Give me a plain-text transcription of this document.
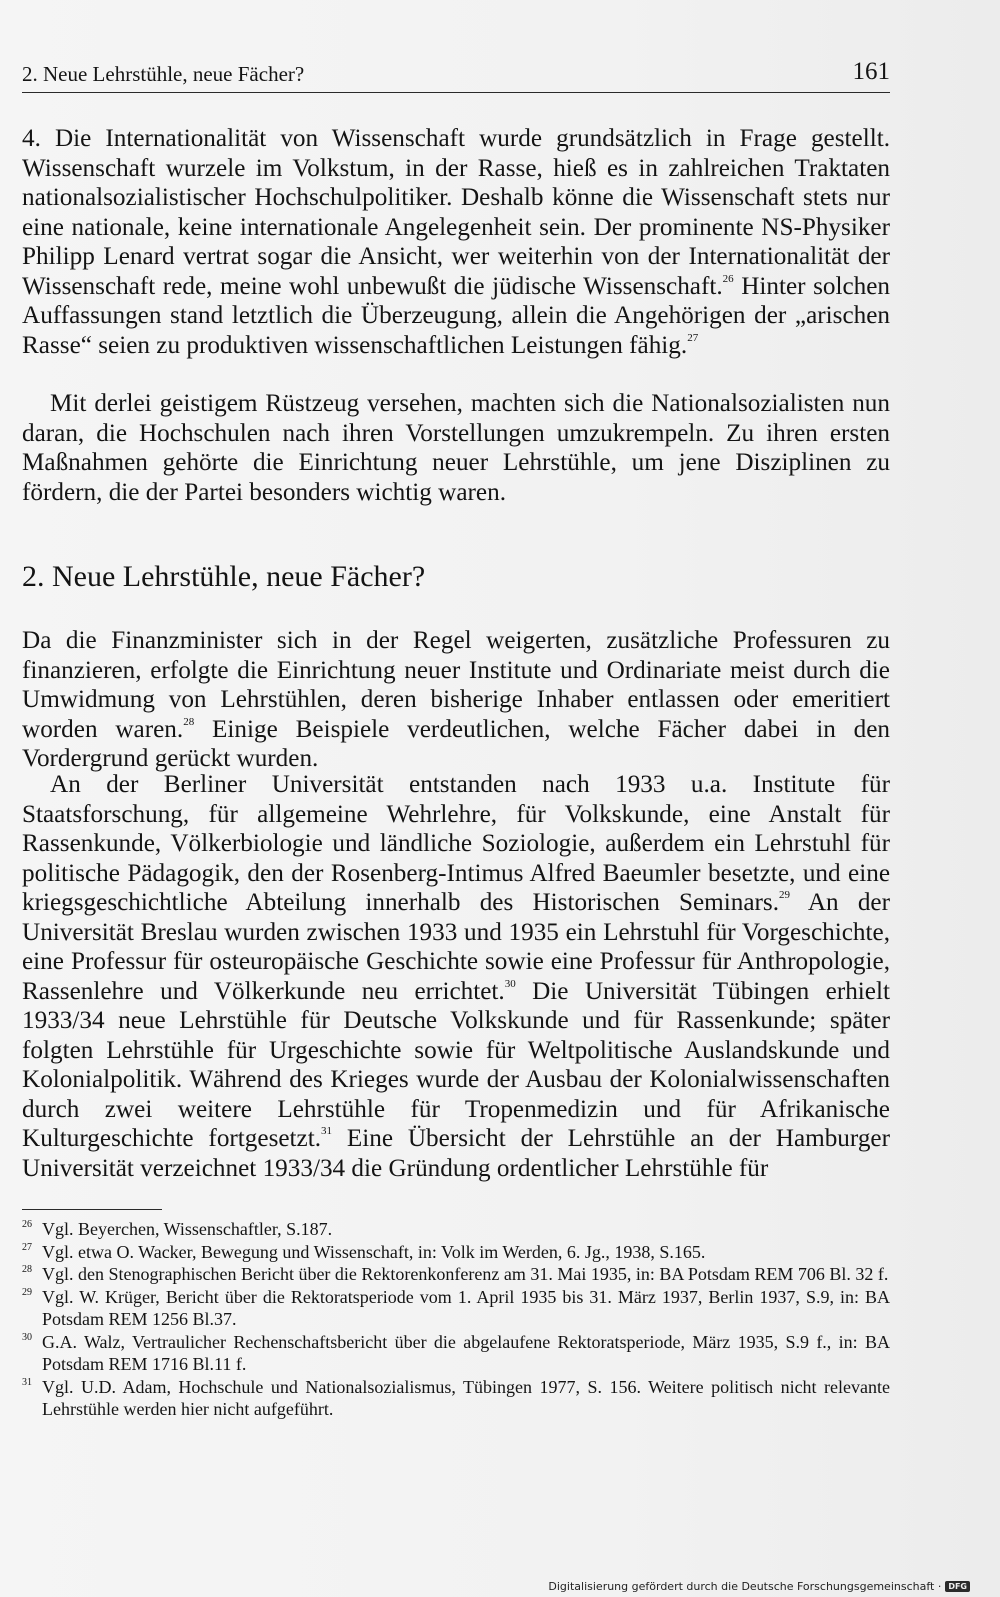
2. Neue Lehrstühle, neue Fächer?	161

4. Die Internationalität von Wissenschaft wurde grundsätzlich in Frage gestellt. Wissenschaft wurzele im Volkstum, in der Rasse, hieß es in zahlreichen Traktaten nationalsozialistischer Hochschulpolitiker. Deshalb könne die Wissenschaft stets nur eine nationale, keine internationale Angelegenheit sein. Der prominente NS-Physiker Philipp Lenard vertrat sogar die Ansicht, wer weiterhin von der Internationalität der Wissenschaft rede, meine wohl unbewußt die jüdische Wissenschaft.$^{26}$ Hinter solchen Auffassungen stand letztlich die Überzeugung, allein die Angehörigen der „arischen Rasse“ seien zu produktiven wissenschaftlichen Leistungen fähig.$^{27}$

Mit derlei geistigem Rüstzeug versehen, machten sich die Nationalsozialisten nun daran, die Hochschulen nach ihren Vorstellungen umzukrempeln. Zu ihren ersten Maßnahmen gehörte die Einrichtung neuer Lehrstühle, um jene Disziplinen zu fördern, die der Partei besonders wichtig waren.

2. Neue Lehrstühle, neue Fächer?

Da die Finanzminister sich in der Regel weigerten, zusätzliche Professuren zu finanzieren, erfolgte die Einrichtung neuer Institute und Ordinariate meist durch die Umwidmung von Lehrstühlen, deren bisherige Inhaber entlassen oder emeritiert worden waren.$^{28}$ Einige Beispiele verdeutlichen, welche Fächer dabei in den Vordergrund gerückt wurden.

An der Berliner Universität entstanden nach 1933 u.a. Institute für Staatsforschung, für allgemeine Wehrlehre, für Volkskunde, eine Anstalt für Rassenkunde, Völkerbiologie und ländliche Soziologie, außerdem ein Lehrstuhl für politische Pädagogik, den der Rosenberg-Intimus Alfred Baeumler besetzte, und eine kriegsgeschichtliche Abteilung innerhalb des Historischen Seminars.$^{29}$ An der Universität Breslau wurden zwischen 1933 und 1935 ein Lehrstuhl für Vorgeschichte, eine Professur für osteuropäische Geschichte sowie eine Professur für Anthropologie, Rassenlehre und Völkerkunde neu errichtet.$^{30}$ Die Universität Tübingen erhielt 1933/34 neue Lehrstühle für Deutsche Volkskunde und für Rassenkunde; später folgten Lehrstühle für Urgeschichte sowie für Weltpolitische Auslandskunde und Kolonialpolitik. Während des Krieges wurde der Ausbau der Kolonialwissenschaften durch zwei weitere Lehrstühle für Tropenmedizin und für Afrikanische Kulturgeschichte fortgesetzt.$^{31}$ Eine Übersicht der Lehrstühle an der Hamburger Universität verzeichnet 1933/34 die Gründung ordentlicher Lehrstühle für

26 Vgl. Beyerchen, Wissenschaftler, S.187.
27 Vgl. etwa O. Wacker, Bewegung und Wissenschaft, in: Volk im Werden, 6. Jg., 1938, S.165.
28 Vgl. den Stenographischen Bericht über die Rektorenkonferenz am 31. Mai 1935, in: BA Potsdam REM 706 Bl. 32 f.
29 Vgl. W. Krüger, Bericht über die Rektoratsperiode vom 1. April 1935 bis 31. März 1937, Berlin 1937, S.9, in: BA Potsdam REM 1256 Bl.37.
30 G.A. Walz, Vertraulicher Rechenschaftsbericht über die abgelaufene Rektoratsperiode, März 1935, S.9 f., in: BA Potsdam REM 1716 Bl.11 f.
31 Vgl. U.D. Adam, Hochschule und Nationalsozialismus, Tübingen 1977, S. 156. Weitere politisch nicht relevante Lehrstühle werden hier nicht aufgeführt.
Digitalisierung gefördert durch die Deutsche Forschungsgemeinschaft · DFG
